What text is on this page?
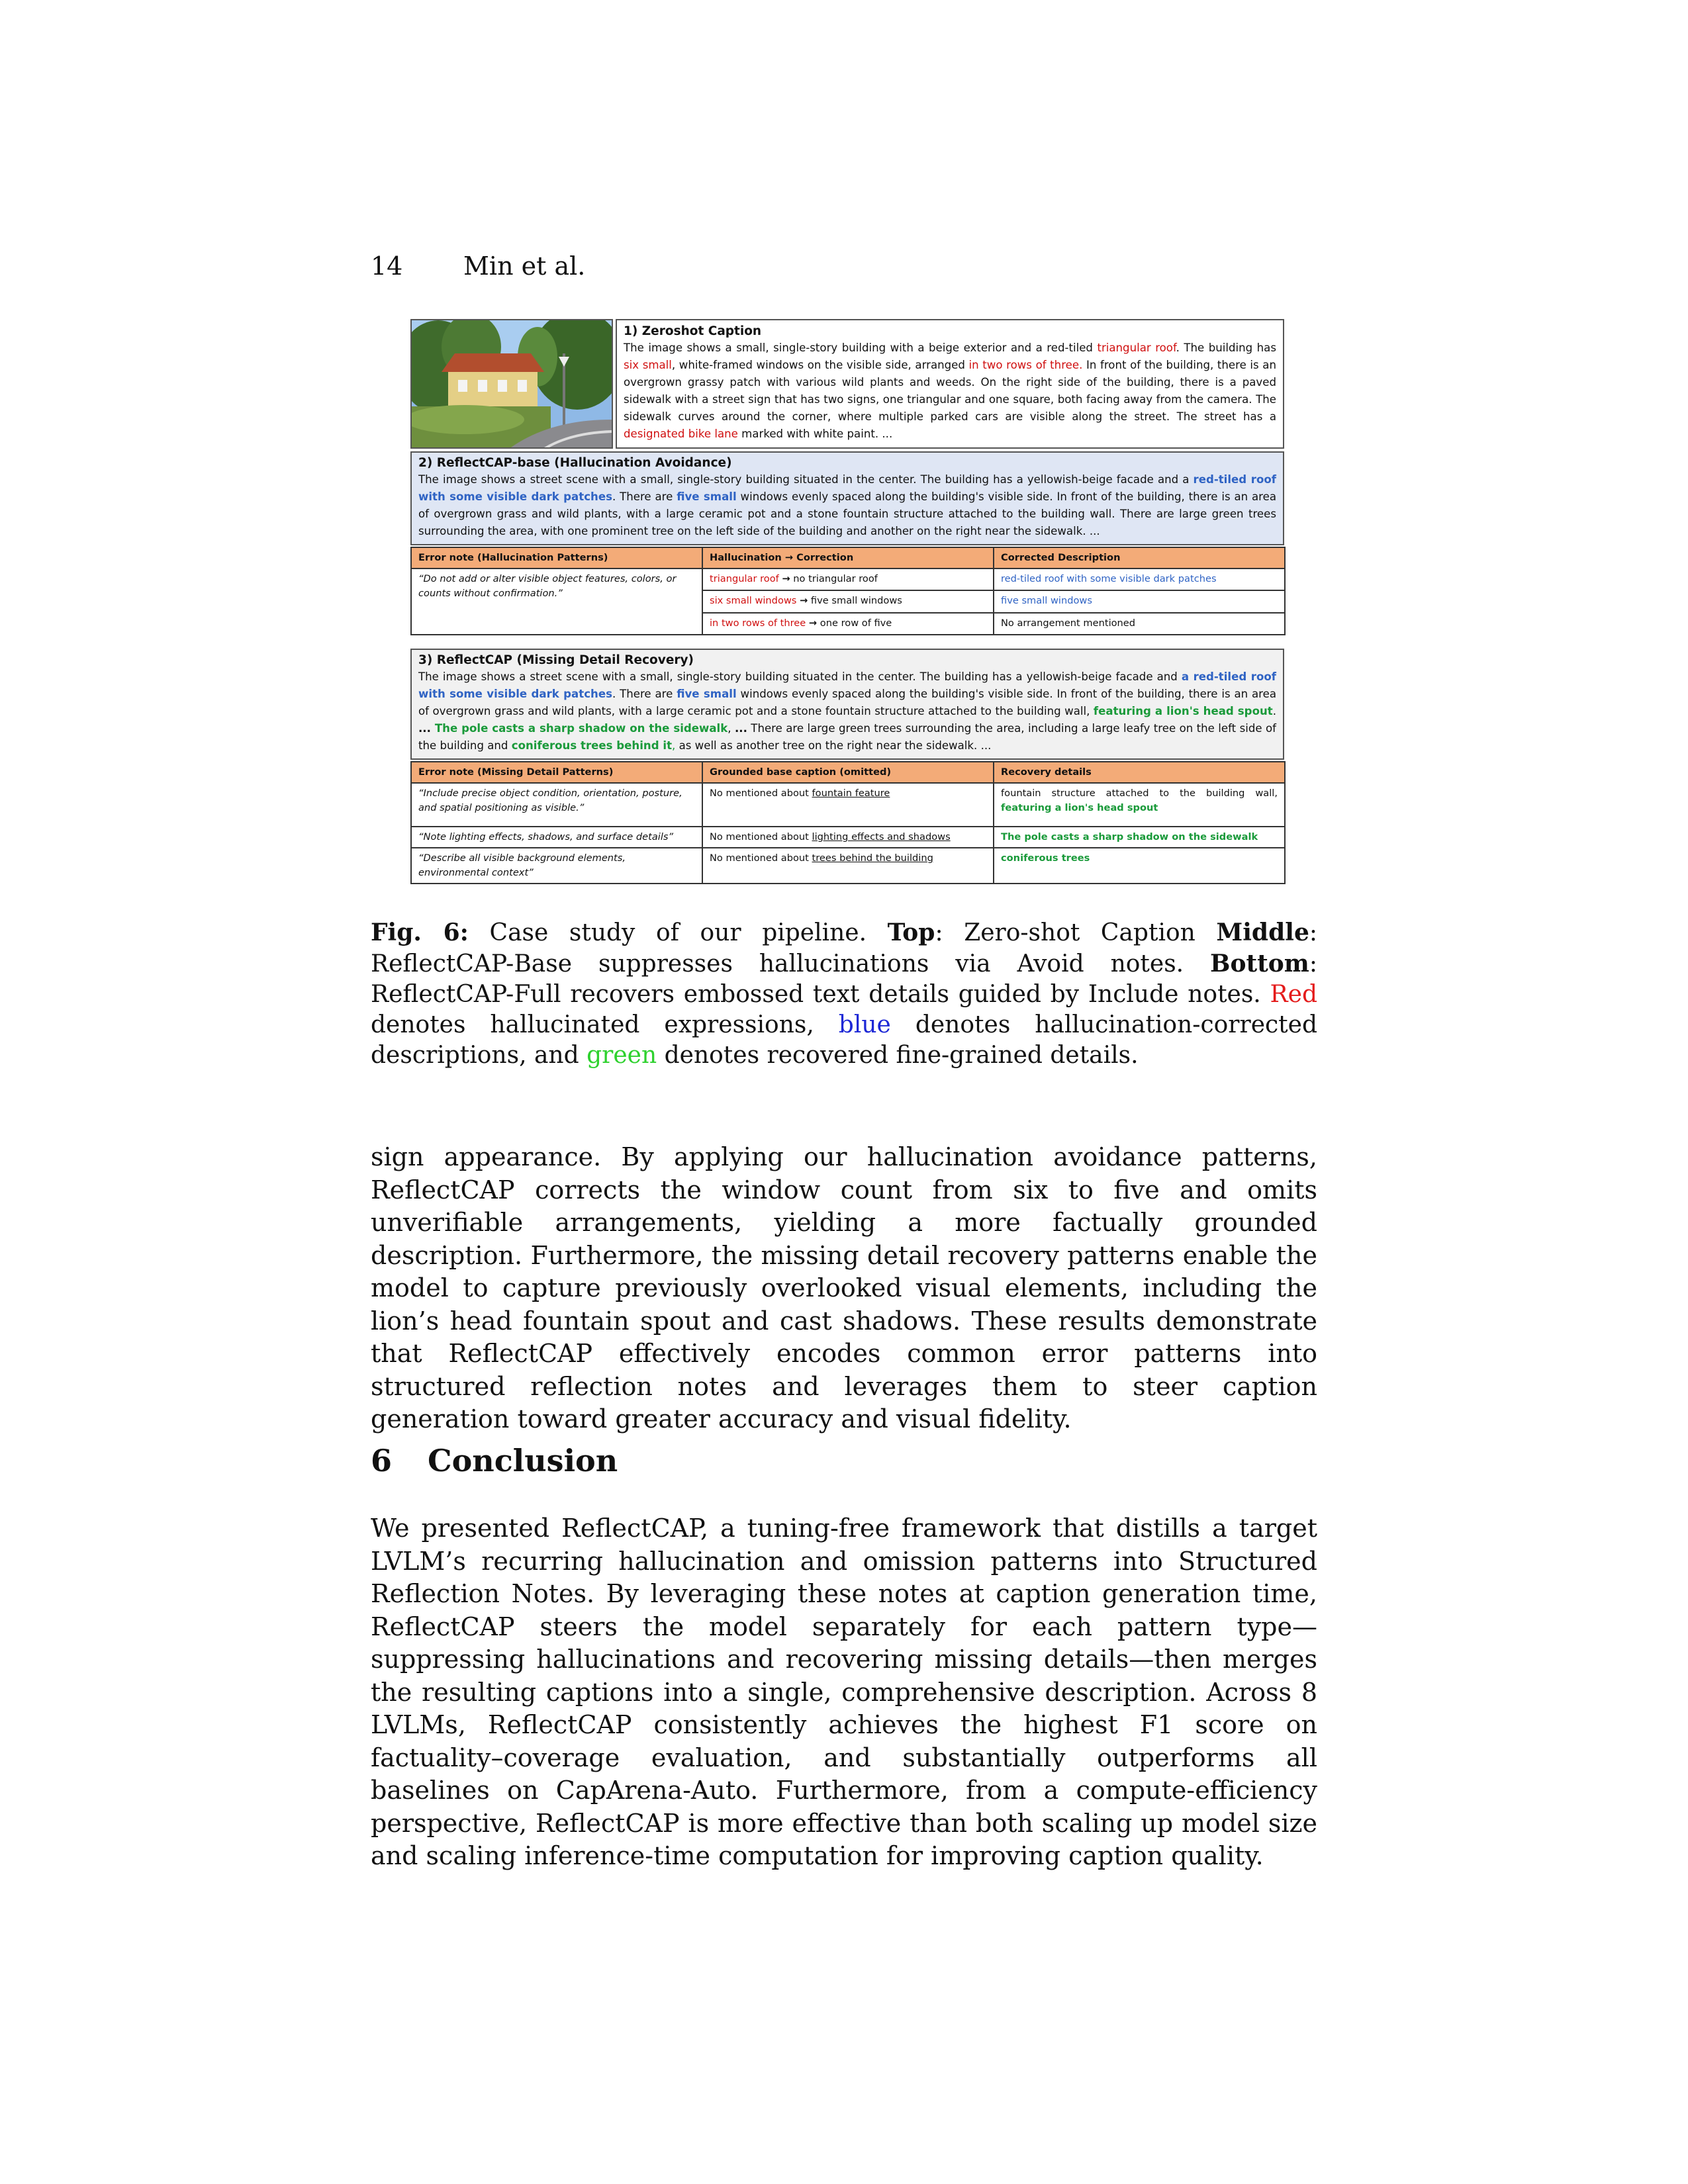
14 Min et al.

1) Zeroshot Caption

The image shows a small, single-story building with a beige exterior and a red-tiled triangular roof. The building has six small, white-framed windows on the visible side, arranged in two rows of three. In front of the building, there is an overgrown grassy patch with various wild plants and weeds. On the right side of the building, there is a paved sidewalk with a street sign that has two signs, one triangular and one square, both facing away from the camera. The sidewalk curves around the corner, where multiple parked cars are visible along the street. The street has a designated bike lane marked with white paint. ...

2) ReflectCAP-base (Hallucination Avoidance)

The image shows a street scene with a small, single-story building situated in the center. The building has a yellowish-beige facade and a red-tiled roof with some visible dark patches. There are five small windows evenly spaced along the building's visible side. In front of the building, there is an area of overgrown grass and wild plants, with a large ceramic pot and a stone fountain structure attached to the building wall. There are large green trees surrounding the area, with one prominent tree on the left side of the building and another on the right near the sidewalk. ...

Error note (Hallucination Patterns)	Hallucination → Correction	Corrected Description
“Do not add or alter visible object features, colors, or counts without confirmation.”	triangular roof → no triangular roof	red-tiled roof with some visible dark patches
	six small windows → five small windows	five small windows
	in two rows of three → one row of five	No arrangement mentioned

3) ReflectCAP (Missing Detail Recovery)

The image shows a street scene with a small, single-story building situated in the center. The building has a yellowish-beige facade and a red-tiled roof with some visible dark patches. There are five small windows evenly spaced along the building's visible side. In front of the building, there is an area of overgrown grass and wild plants, with a large ceramic pot and a stone fountain structure attached to the building wall, featuring a lion's head spout. ... The pole casts a sharp shadow on the sidewalk, ... There are large green trees surrounding the area, including a large leafy tree on the left side of the building and coniferous trees behind it, as well as another tree on the right near the sidewalk. ...

Error note (Missing Detail Patterns)	Grounded base caption (omitted)	Recovery details
“Include precise object condition, orientation, posture, and spatial positioning as visible.”	No mentioned about fountain feature	fountain structure attached to the building wall, featuring a lion's head spout
“Note lighting effects, shadows, and surface details”	No mentioned about lighting effects and shadows	The pole casts a sharp shadow on the sidewalk
“Describe all visible background elements, environmental context”	No mentioned about trees behind the building	coniferous trees
Fig. 6: Case study of our pipeline. Top: Zero-shot Caption Middle: ReflectCAP-Base suppresses hallucinations via Avoid notes. Bottom: ReflectCAP-Full recovers embossed text details guided by Include notes. Red denotes hallucinated expressions, blue denotes hallucination-corrected descriptions, and green denotes recovered fine-grained details.

sign appearance. By applying our hallucination avoidance patterns, ReflectCAP corrects the window count from six to five and omits unverifiable arrangements, yielding a more factually grounded description. Furthermore, the missing detail recovery patterns enable the model to capture previously overlooked visual elements, including the lion’s head fountain spout and cast shadows. These results demonstrate that ReflectCAP effectively encodes common error patterns into structured reflection notes and leverages them to steer caption generation toward greater accuracy and visual fidelity.

6 Conclusion

We presented ReflectCAP, a tuning-free framework that distills a target LVLM’s recurring hallucination and omission patterns into Structured Reflection Notes. By leveraging these notes at caption generation time, ReflectCAP steers the model separately for each pattern type—suppressing hallucinations and recovering missing details—then merges the resulting captions into a single, comprehensive description. Across 8 LVLMs, ReflectCAP consistently achieves the highest F1 score on factuality–coverage evaluation, and substantially outperforms all baselines on CapArena-Auto. Furthermore, from a compute-efficiency perspective, ReflectCAP is more effective than both scaling up model size and scaling inference-time computation for improving caption quality.
